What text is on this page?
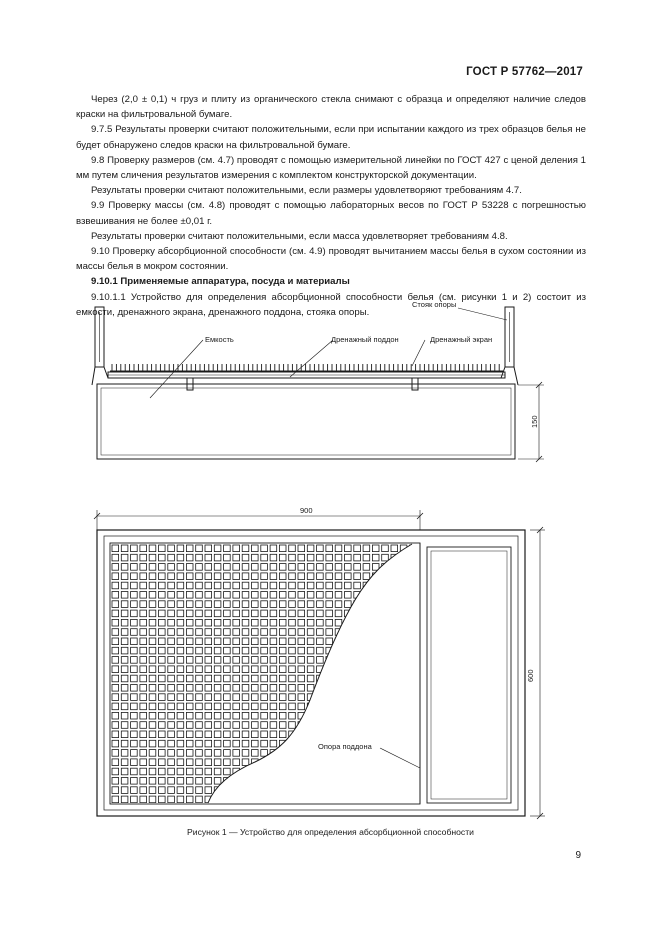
ГОСТ Р 57762—2017

Через (2,0 ± 0,1) ч груз и плиту из органического стекла снимают с образца и определяют наличие следов краски на фильтровальной бумаге.

9.7.5 Результаты проверки считают положительными, если при испытании каждого из трех образцов белья не будет обнаружено следов краски на фильтровальной бумаге.

9.8 Проверку размеров (см. 4.7) проводят с помощью измерительной линейки по ГОСТ 427 с ценой деления 1 мм путем сличения результатов измерения с комплектом конструкторской документации.

Результаты проверки считают положительными, если размеры удовлетворяют требованиям 4.7.

9.9 Проверку массы (см. 4.8) проводят с помощью лабораторных весов по ГОСТ Р 53228 с погрешностью взвешивания не более ±0,01 г.

Результаты проверки считают положительными, если масса удовлетворяет требованиям 4.8.

9.10 Проверку абсорбционной способности (см. 4.9) проводят вычитанием массы белья в сухом состоянии из массы белья в мокром состоянии.

9.10.1 Применяемые аппаратура, посуда и материалы

9.10.1.1 Устройство для определения абсорбционной способности белья (см. рисунки 1 и 2) состоит из емкости, дренажного экрана, дренажного поддона, стояка опоры.

Стояк опоры
Емкость	Дренажный поддон	Дренажный экран
150
900
600
Опора поддона
Рисунок 1 — Устройство для определения абсорбционной способности
9
